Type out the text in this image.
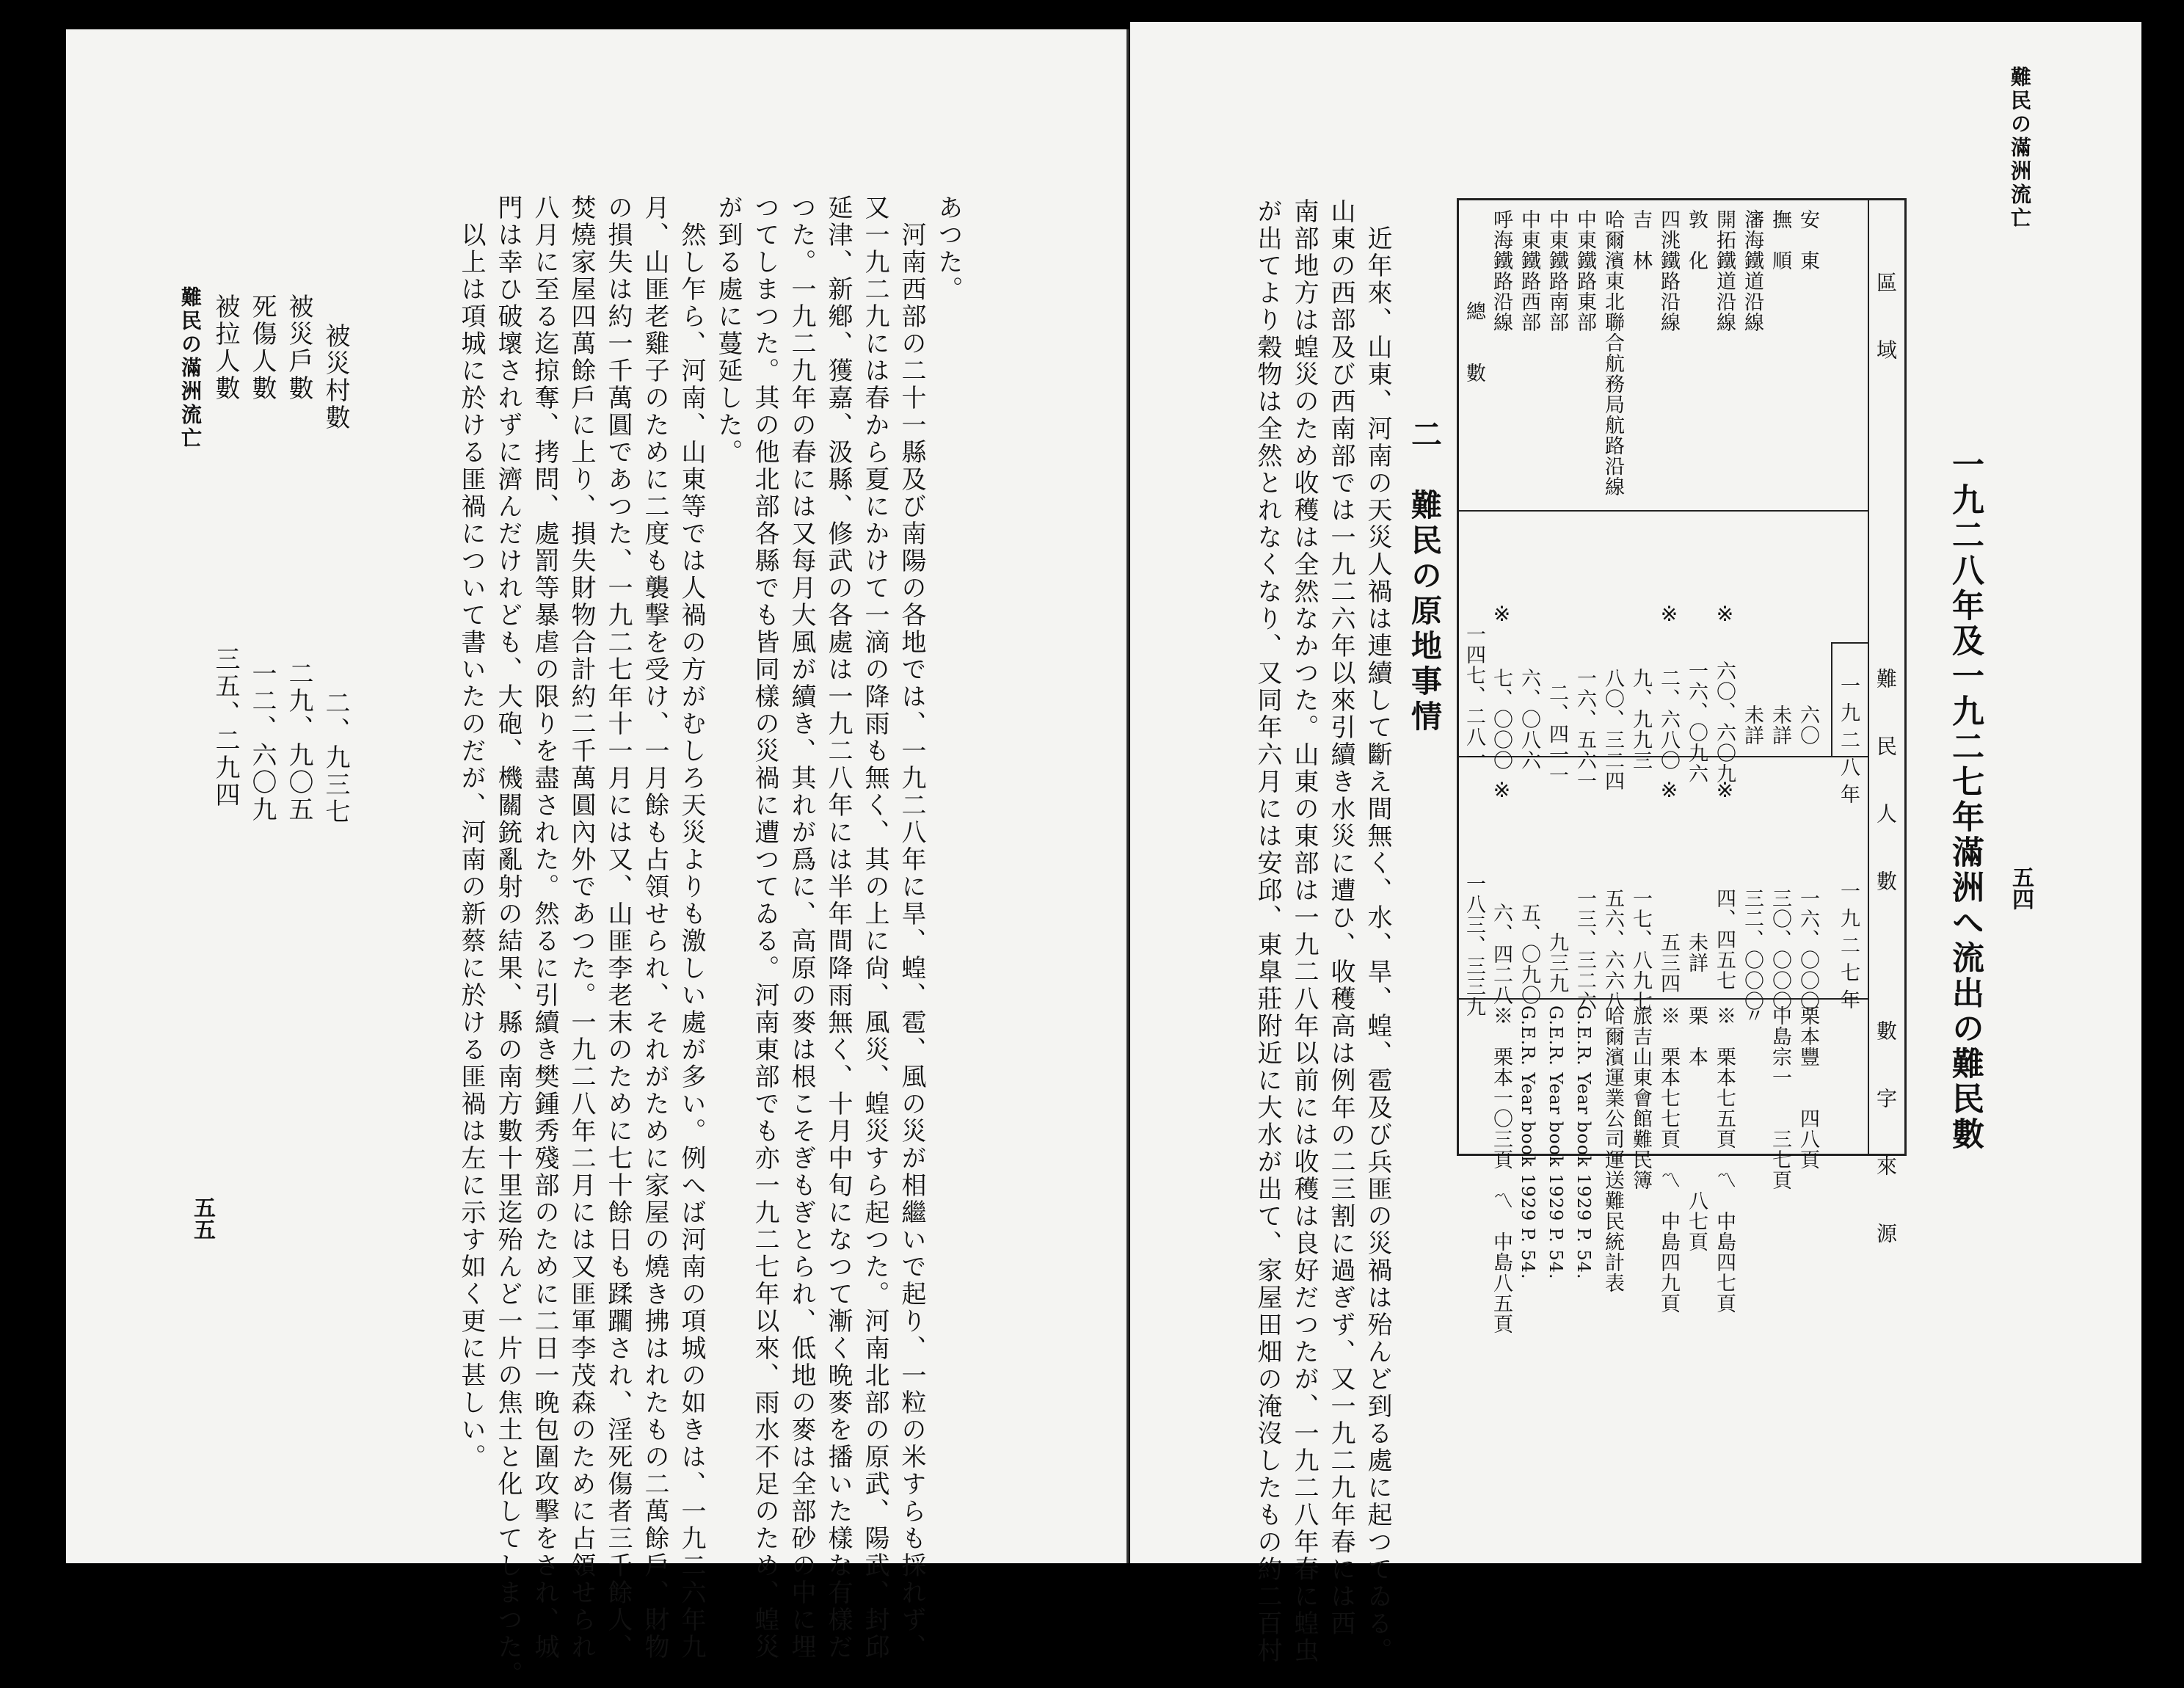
難民の滿洲流亡
五五
被拉人數
三五、二九四
死傷人數
一二、六〇九
被災戶數
二九、九〇五
被災村數
二、九三七
あつた。
　河南西部の二十一縣及び南陽の各地では、一九二八年に旱、蝗、雹、風の災が相繼いで起り、一粒の米すらも採れず、
又一九二九には春から夏にかけて一滴の降雨も無く、其の上に尙、風災、蝗災すら起つた。河南北部の原武、陽武、封邱
延津、新鄕、獲嘉、汲縣、修武の各處は一九二八年には半年間降雨無く、十月中旬になつて漸く晩麥を播いた樣な有樣だ
つた。一九二九年の春には又每月大風が續き、其れが爲に、高原の麥は根こそぎもぎとられ、低地の麥は全部砂の中に埋
つてしまつた。其の他北部各縣でも皆同樣の災禍に遭つてゐる。河南東部でも亦一九二七年以來、雨水不足のため、蝗災
が到る處に蔓延した。
　然し乍ら、河南、山東等では人禍の方がむしろ天災よりも激しい處が多い。例へば河南の項城の如きは、一九二六年九
月、山匪老雞子のために二度も襲撃を受け、一月餘も占領せられ、それがために家屋の燒き拂はれたもの二萬餘戶、財物
の損失は約一千萬圓であつた、一九二七年十一月には又、山匪李老末のために七十餘日も蹂躙され、淫死傷者三千餘人、
焚燒家屋四萬餘戶に上り、損失財物合計約二千萬圓內外であつた。一九二八年二月には又匪軍李茂森のために占領せられ
八月に至る迄掠奪、拷問、處罰等暴虐の限りを盡された。然るに引續き樊鍾秀殘部のために二日一晚包圍攻擊をされ、城
門は幸ひ破壞されずに濟んだけれども、大砲、機關銃亂射の結果、縣の南方數十里迄殆んど一片の焦土と化してしまつた。
　以上は項城に於ける匪禍について書いたのだが、河南の新蔡に於ける匪禍は左に示す如く更に甚しい。
難民の滿洲流亡
五四
一九二八年及一九二七年滿洲へ流出の難民數
區　域
難　民　人　數
一九二八年
一九二七年
數　字　來　源
安　東
六〇
一六、〇〇〇
栗本豐　　四八頁
撫　順
未詳
三〇、〇〇〇
中島宗一　　三七頁
瀋海鐵道沿線
未詳
三二、〇〇〇
〃
開拓鐵道沿線
※
六〇、六〇九
※
四、四五七
※　栗本七五頁　〽　中島四七頁
敦　化
一六、〇九六
未詳
栗　本　　　　　　八七頁
四洮鐵路沿線
※
二、六八〇
※
五三四
※　栗本七七頁　〽　中島四九頁
吉　林
九、九九三
一七、八九七
旅吉山東會館難民簿
哈爾濱東北聯合航務局航路沿線
八〇、三二四
五六、六六八
哈爾濱運業公司運送難民統計表
中東鐵路東部
一六、五六一
一三、三二六
G.E.R. Year book 1929 P. 54.
中東鐵路南部
二、四一一
九三九
G.E.R. Year book 1929 P. 54.
中東鐵路西部
六、〇八六
五、〇九〇
G.E.R. Year book 1929 P. 54.
呼海鐵路沿線
※
七、〇〇〇
※
六、四二八
※　栗本一〇三頁　〽　中島八五頁
總　　數
一四七、二八一
一八三、三三九
二　難民の原地事情
　近年來、山東、河南の天災人禍は連續して斷え間無く、水、旱、蝗、雹及び兵匪の災禍は殆んど到る處に起つてゐる。
山東の西部及び西南部では一九二六年以來引續き水災に遭ひ、收穫高は例年の二三割に過ぎず、又一九二九年春には西
南部地方は蝗災のため收穫は全然なかつた。山東の東部は一九二八年以前には收穫は良好だつたが、一九二八年春に蝗虫
が出てより穀物は全然とれなくなり、又同年六月には安邱、東臯莊附近に大水が出て、家屋田畑の淹沒したもの約二百村
